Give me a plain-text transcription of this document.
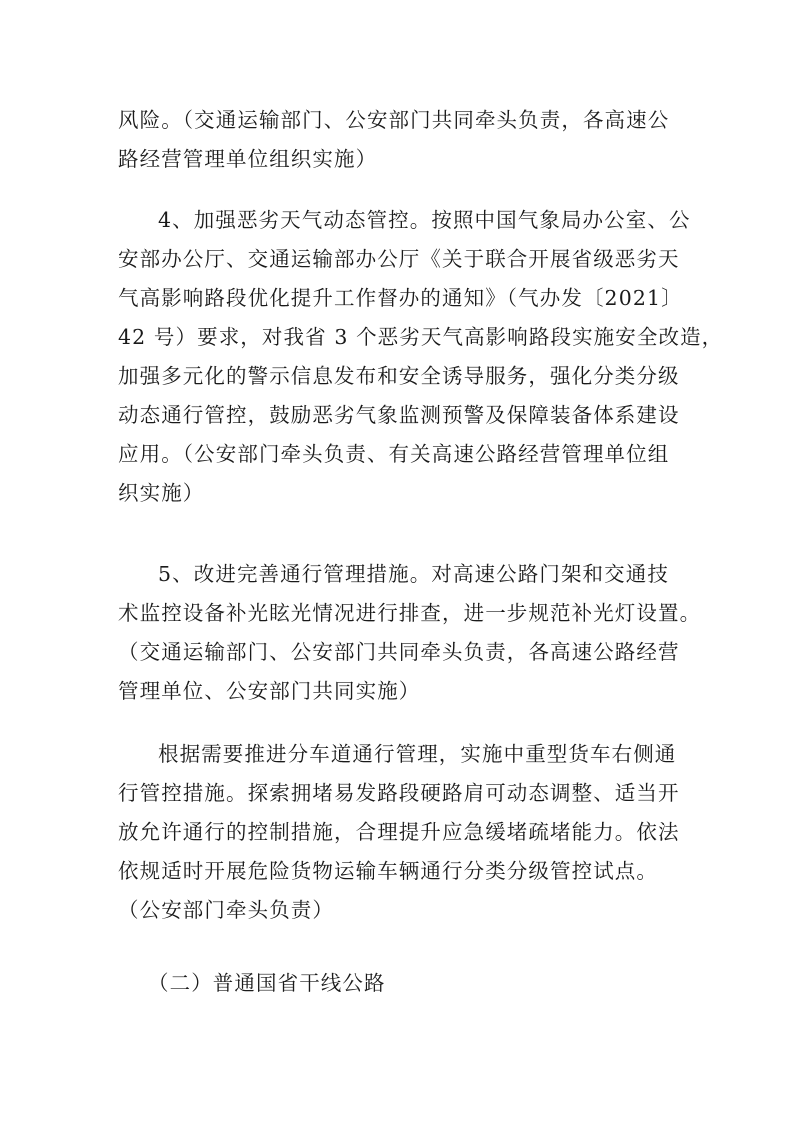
风险。（交通运输部门、公安部门共同牵头负责，各高速公
路经营管理单位组织实施）
4、加强恶劣天气动态管控。按照中国气象局办公室、公
安部办公厅、交通运输部办公厅《关于联合开展省级恶劣天
气高影响路段优化提升工作督办的通知》（气办发〔2021〕
42 号）要求，对我省 3 个恶劣天气高影响路段实施安全改造，
加强多元化的警示信息发布和安全诱导服务，强化分类分级
动态通行管控，鼓励恶劣气象监测预警及保障装备体系建设
应用。（公安部门牵头负责、有关高速公路经营管理单位组
织实施）
5、改进完善通行管理措施。对高速公路门架和交通技
术监控设备补光眩光情况进行排查，进一步规范补光灯设置。
（交通运输部门、公安部门共同牵头负责，各高速公路经营
管理单位、公安部门共同实施）
根据需要推进分车道通行管理，实施中重型货车右侧通
行管控措施。探索拥堵易发路段硬路肩可动态调整、适当开
放允许通行的控制措施，合理提升应急缓堵疏堵能力。依法
依规适时开展危险货物运输车辆通行分类分级管控试点。
（公安部门牵头负责）
（二）普通国省干线公路
